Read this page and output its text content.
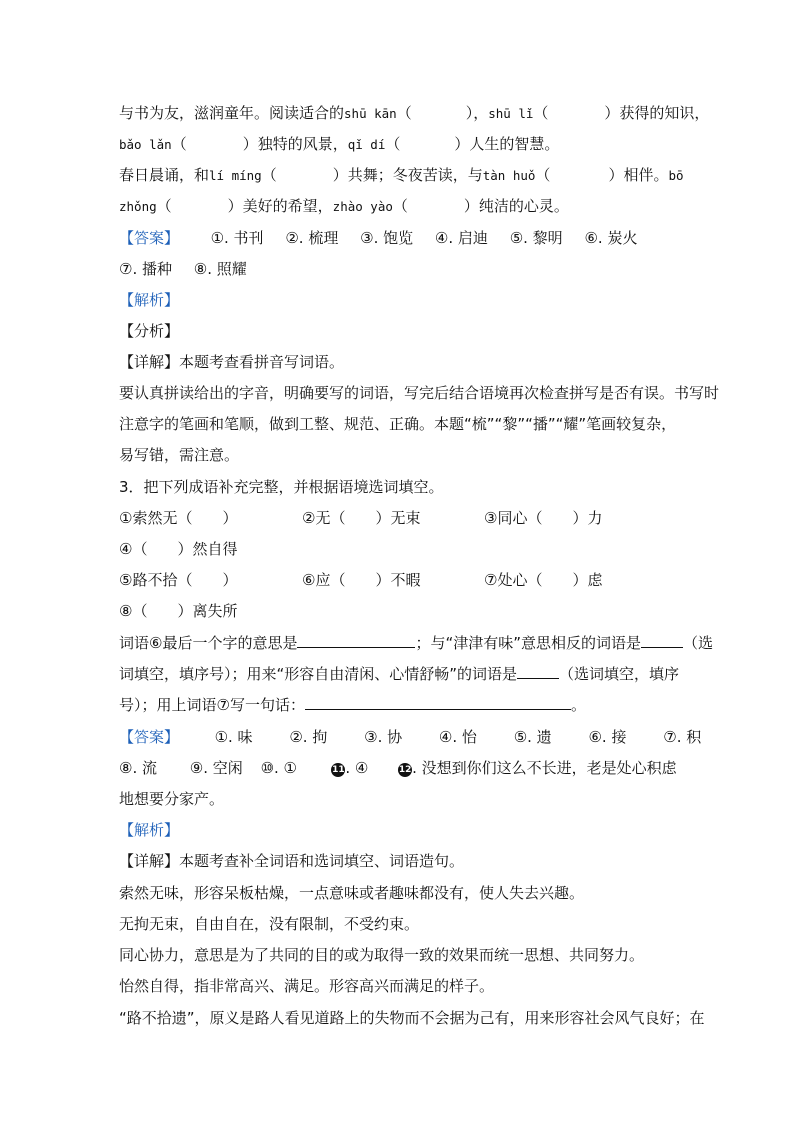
与书为友，滋润童年。阅读适合的shū kān（	），shū lǐ（	）获得的知识，
bǎo lǎn（	）独特的风景，qǐ dí（	）人生的智慧。
春日晨诵，和lí míng（	）共舞；冬夜苦读，与tàn huǒ（	）相伴。bō
zhǒng（	）美好的希望，zhào yào（	）纯洁的心灵。
【答案】 ①. 书刊 ②. 梳理 ③. 饱览 ④. 启迪 ⑤. 黎明 ⑥. 炭火
⑦. 播种 ⑧. 照耀
【解析】
【分析】
【详解】本题考查看拼音写词语。
要认真拼读给出的字音，明确要写的词语，写完后结合语境再次检查拼写是否有误。书写时
注意字的笔画和笔顺，做到工整、规范、正确。本题“梳”“黎”“播”“耀”笔画较复杂，
易写错，需注意。
3．把下列成语补充完整，并根据语境选词填空。
①索然无（ ）	②无（ ）无束	③同心（ ）力
④（ ）然自得
⑤路不拾（ ）	⑥应（ ）不暇	⑦处心（ ）虑
⑧（ ）离失所
词语⑥最后一个字的意思是	；与“津津有味”意思相反的词语是	（选
词填空，填序号）；用来“形容自由清闲、心情舒畅”的词语是	（选词填空，填序
号）；用上词语⑦写一句话：	。
【答案】 ①. 味 ②. 拘 ③. 协 ④. 怡 ⑤. 遗 ⑥. 接 ⑦. 积
⑧. 流 ⑨. 空闲 ⑩. ①	11. ④	12. 没想到你们这么不长进，老是处心积虑
地想要分家产。
【解析】
【详解】本题考查补全词语和选词填空、词语造句。
索然无味，形容呆板枯燥，一点意味或者趣味都没有，使人失去兴趣。
无拘无束，自由自在，没有限制，不受约束。
同心协力，意思是为了共同的目的或为取得一致的效果而统一思想、共同努力。
怡然自得，指非常高兴、满足。形容高兴而满足的样子。
“路不拾遗”，原义是路人看见道路上的失物而不会据为己有，用来形容社会风气良好；在
